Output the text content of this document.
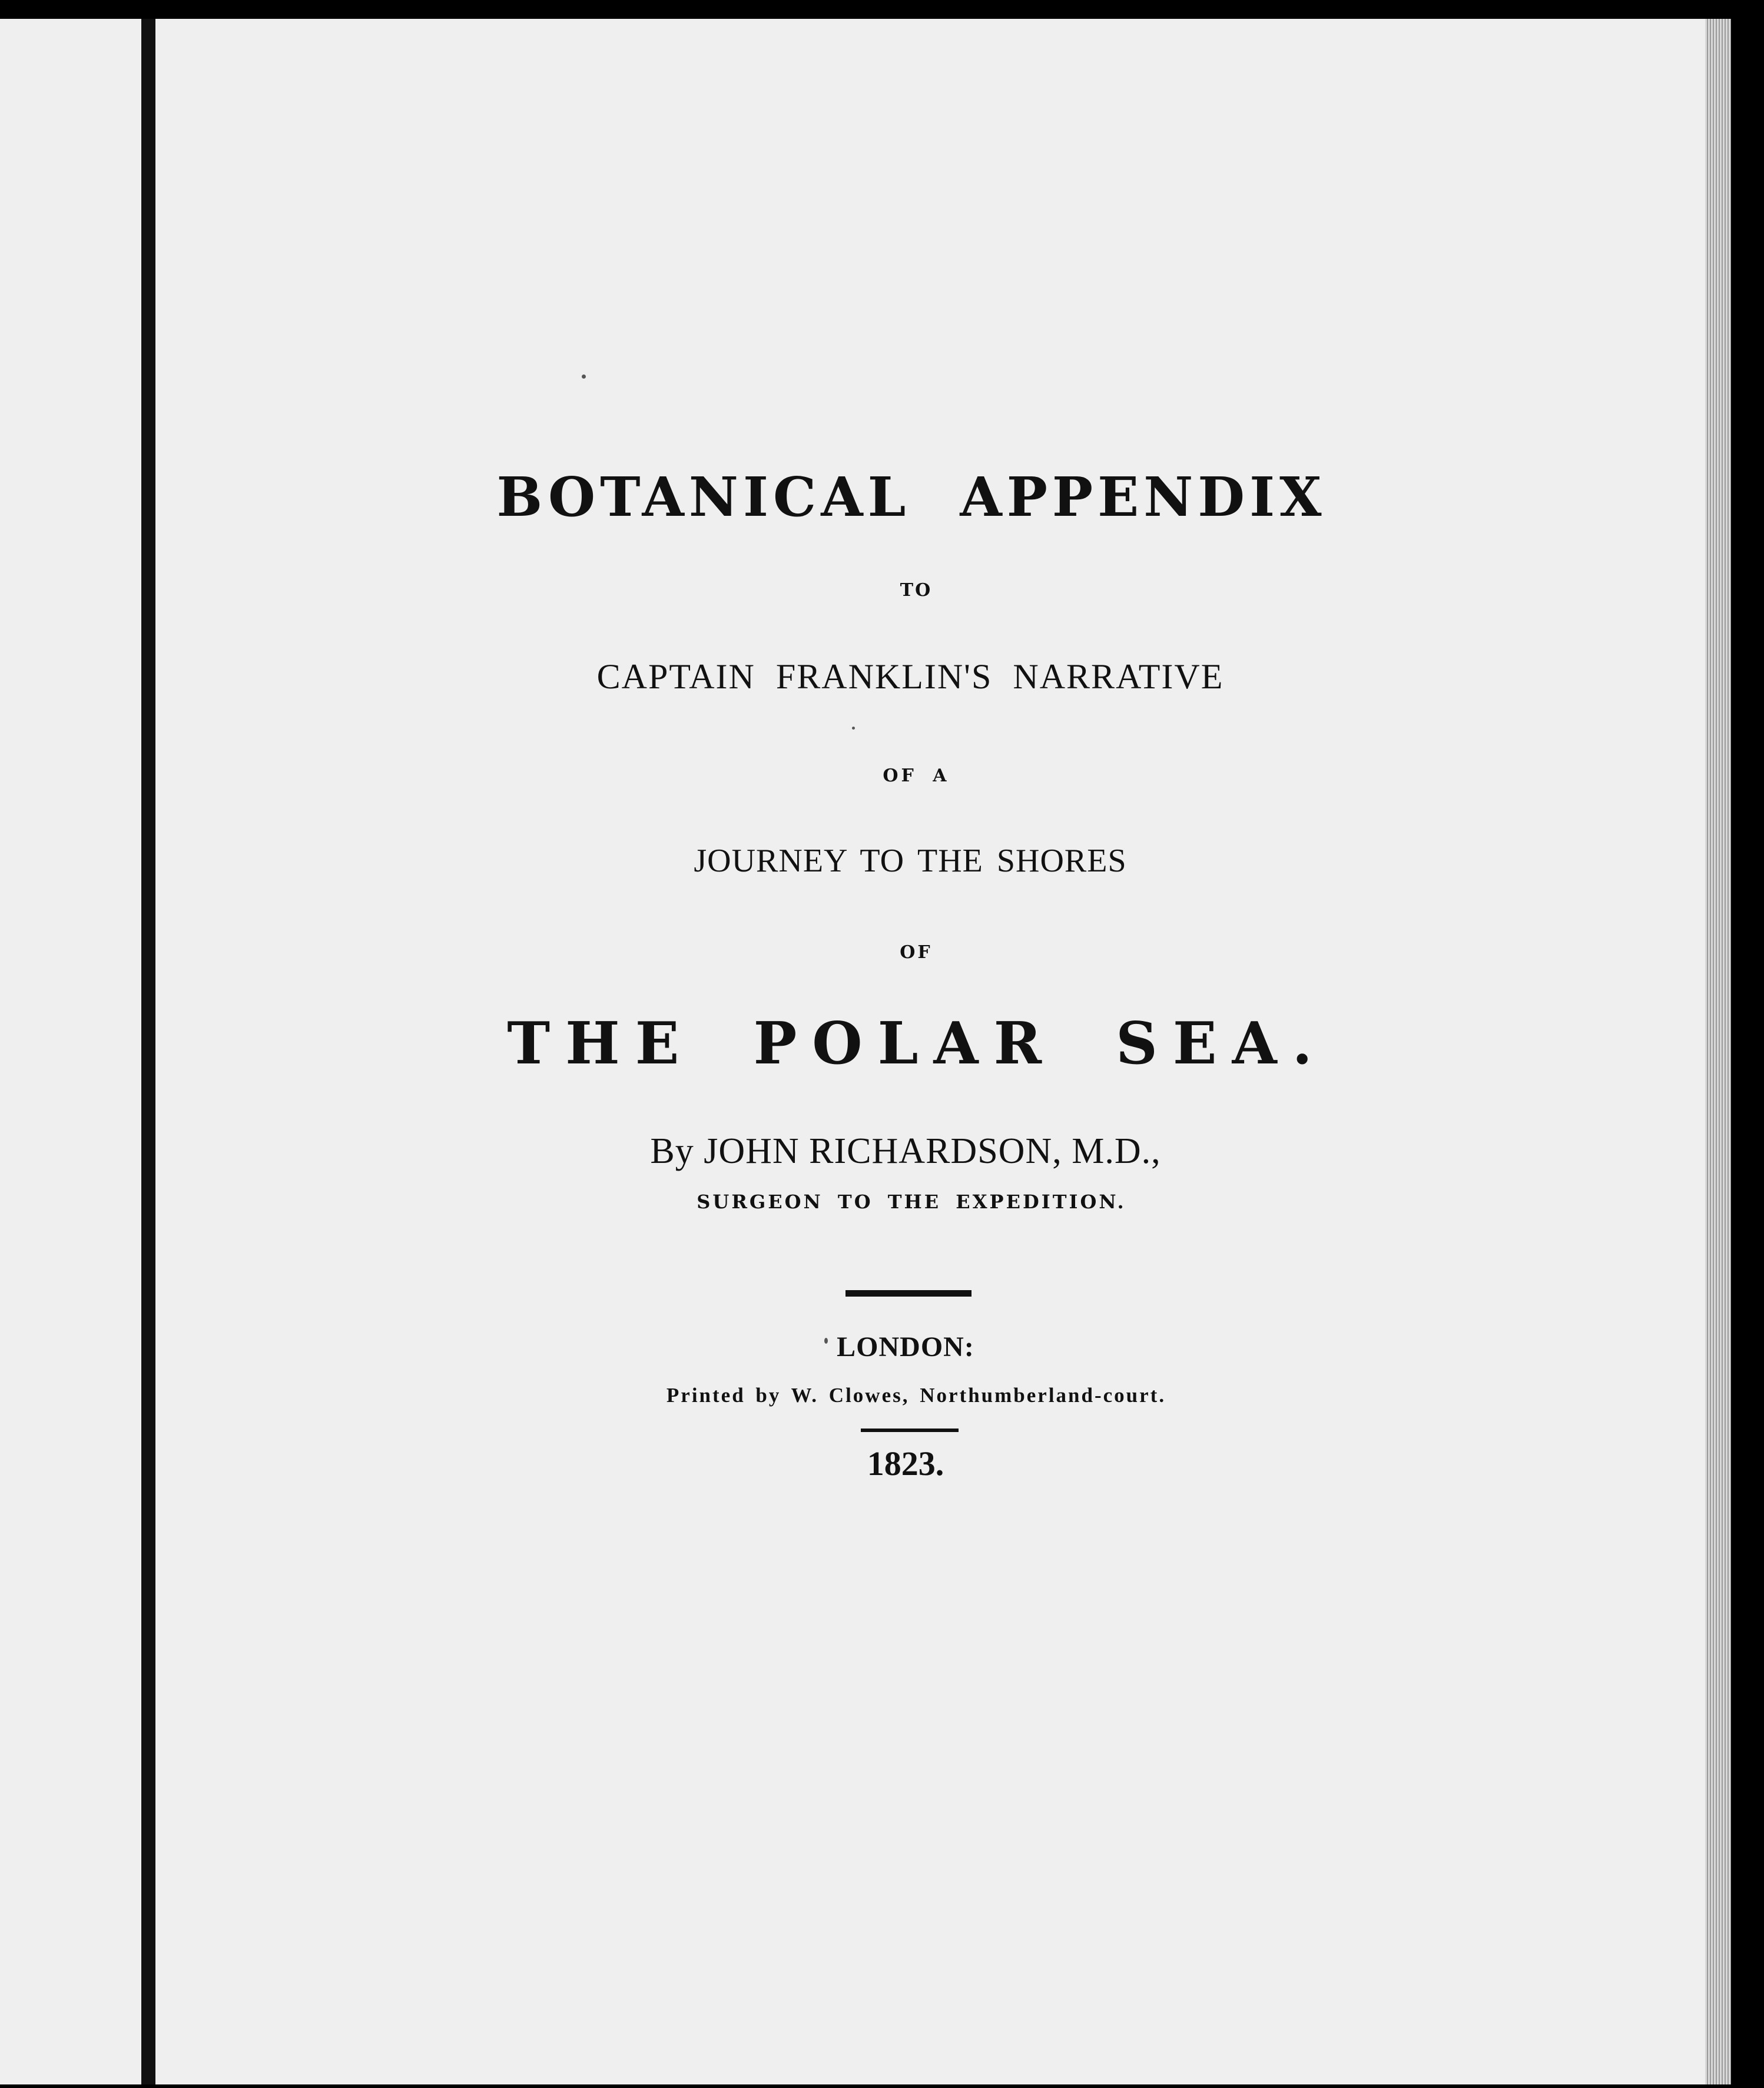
BOTANICAL APPENDIX
TO
CAPTAIN FRANKLIN'S NARRATIVE
OF A
JOURNEY TO THE SHORES
OF
THE POLAR SEA.
By JOHN RICHARDSON, M.D.,
SURGEON TO THE EXPEDITION.
LONDON:
Printed by W. Clowes, Northumberland-court.
1823.
